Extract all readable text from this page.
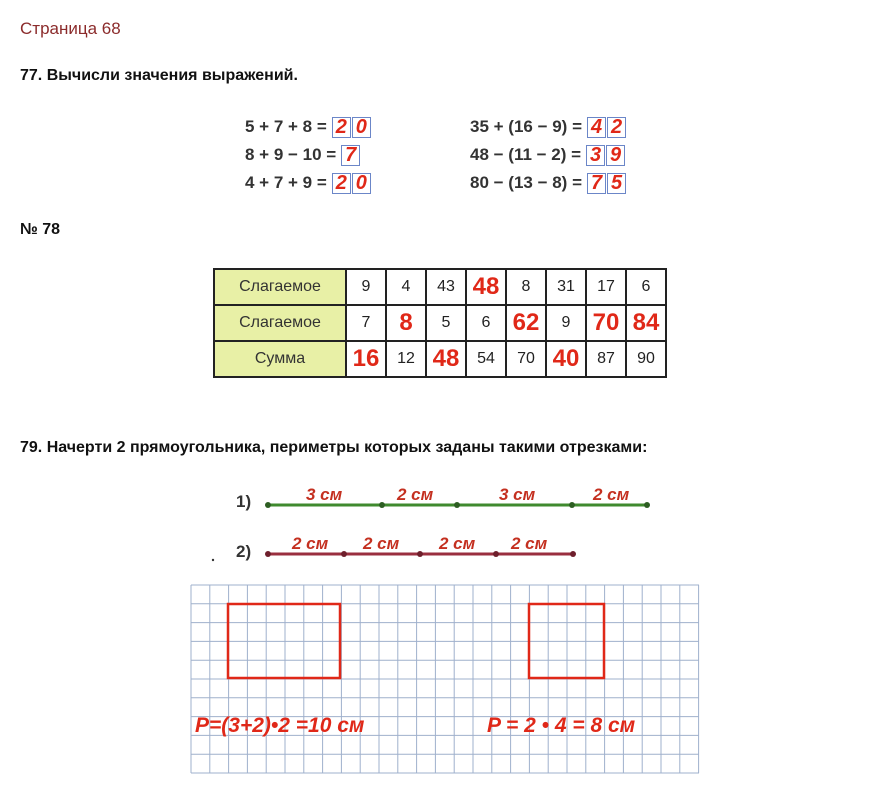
Страница 68
77. Вычисли значения выражений.
5 + 7 + 8 = 2 0
8 + 9 − 10 = 7
4 + 7 + 9 = 2 0
35 + (16 − 9) = 4 2
48 − (11 − 2) = 3 9
80 − (13 − 8) = 7 5
№ 78
Слагаемое	9	4	43	48	8	31	17	6
Слагаемое	7	8	5	6	62	9	70	84
Сумма	16	12	48	54	70	40	87	90
79. Начерти 2 прямоугольника, периметры которых заданы такими отрезками:
1)	3 см	2 см	3 см	2 см
2) 2 см 2 см 2 см 2 см
P=(3+2)•2 =10 см	P = 2 • 4 = 8 см
